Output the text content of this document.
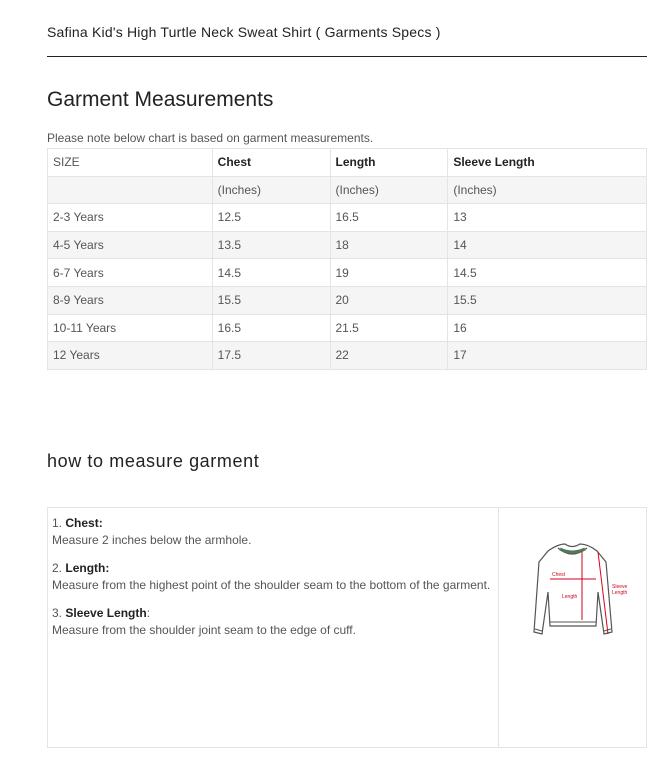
Safina Kid's High Turtle Neck Sweat Shirt ( Garments Specs )
Garment Measurements
Please note below chart is based on garment measurements.
SIZE	Chest	Length	Sleeve Length
	(Inches)	(Inches)	(Inches)
2-3 Years	12.5	16.5	13
4-5 Years	13.5	18	14
6-7 Years	14.5	19	14.5
8-9 Years	15.5	20	15.5
10-11 Years	16.5	21.5	16
12 Years	17.5	22	17
how to measure garment
1. Chest:
Measure 2 inches below the armhole.
2. Length:
Measure from the highest point of the shoulder seam to the bottom of the garment.
3. Sleeve Length:
Measure from the shoulder joint seam to the edge of cuff.
Chest
Length
Sleeve
Length
